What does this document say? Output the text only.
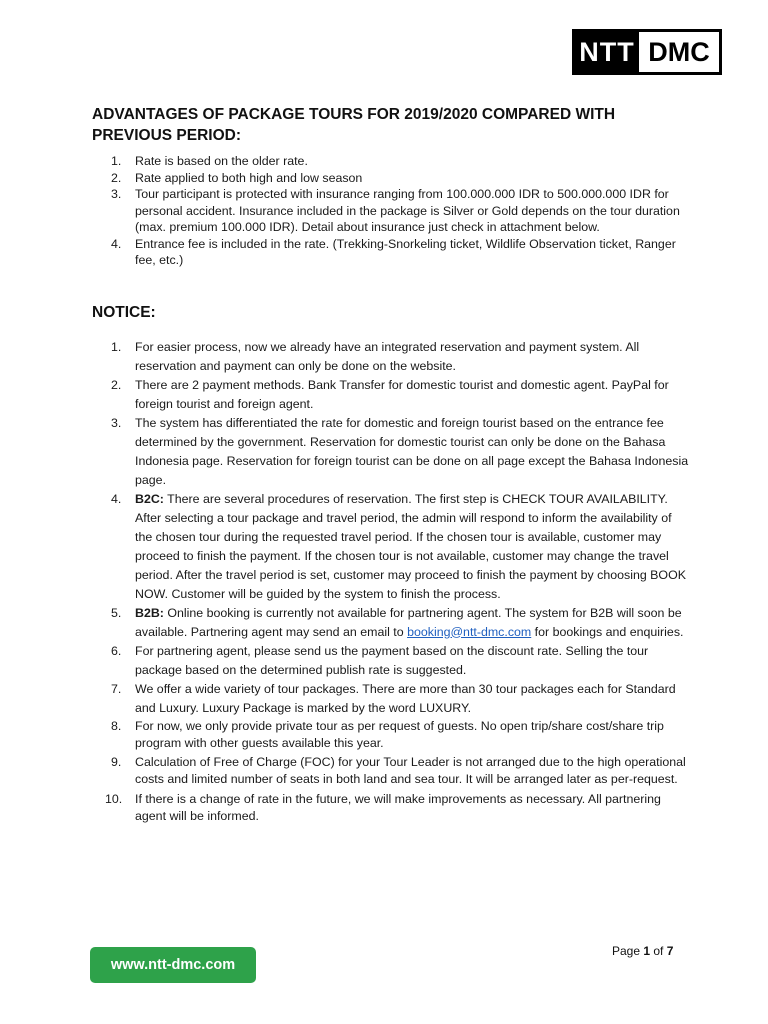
NTT DMC
ADVANTAGES OF PACKAGE TOURS FOR 2019/2020 COMPARED WITH PREVIOUS PERIOD:
1. Rate is based on the older rate.
2. Rate applied to both high and low season
3. Tour participant is protected with insurance ranging from 100.000.000 IDR to 500.000.000 IDR for personal accident. Insurance included in the package is Silver or Gold depends on the tour duration (max. premium 100.000 IDR). Detail about insurance just check in attachment below.
4. Entrance fee is included in the rate. (Trekking-Snorkeling ticket, Wildlife Observation ticket, Ranger fee, etc.)
NOTICE:
1. For easier process, now we already have an integrated reservation and payment system. All reservation and payment can only be done on the website.
2. There are 2 payment methods. Bank Transfer for domestic tourist and domestic agent. PayPal for foreign tourist and foreign agent.
3. The system has differentiated the rate for domestic and foreign tourist based on the entrance fee determined by the government. Reservation for domestic tourist can only be done on the Bahasa Indonesia page. Reservation for foreign tourist can be done on all page except the Bahasa Indonesia page.
4. B2C: There are several procedures of reservation. The first step is CHECK TOUR AVAILABILITY. After selecting a tour package and travel period, the admin will respond to inform the availability of the chosen tour during the requested travel period. If the chosen tour is available, customer may proceed to finish the payment. If the chosen tour is not available, customer may change the travel period. After the travel period is set, customer may proceed to finish the payment by choosing BOOK NOW. Customer will be guided by the system to finish the process.
5. B2B: Online booking is currently not available for partnering agent. The system for B2B will soon be available. Partnering agent may send an email to booking@ntt-dmc.com for bookings and enquiries.
6. For partnering agent, please send us the payment based on the discount rate. Selling the tour package based on the determined publish rate is suggested.
7. We offer a wide variety of tour packages. There are more than 30 tour packages each for Standard and Luxury. Luxury Package is marked by the word LUXURY.
8. For now, we only provide private tour as per request of guests. No open trip/share cost/share trip program with other guests available this year.
9. Calculation of Free of Charge (FOC) for your Tour Leader is not arranged due to the high operational costs and limited number of seats in both land and sea tour. It will be arranged later as per-request.
10. If there is a change of rate in the future, we will make improvements as necessary. All partnering agent will be informed.
www.ntt-dmc.com
Page 1 of 7
